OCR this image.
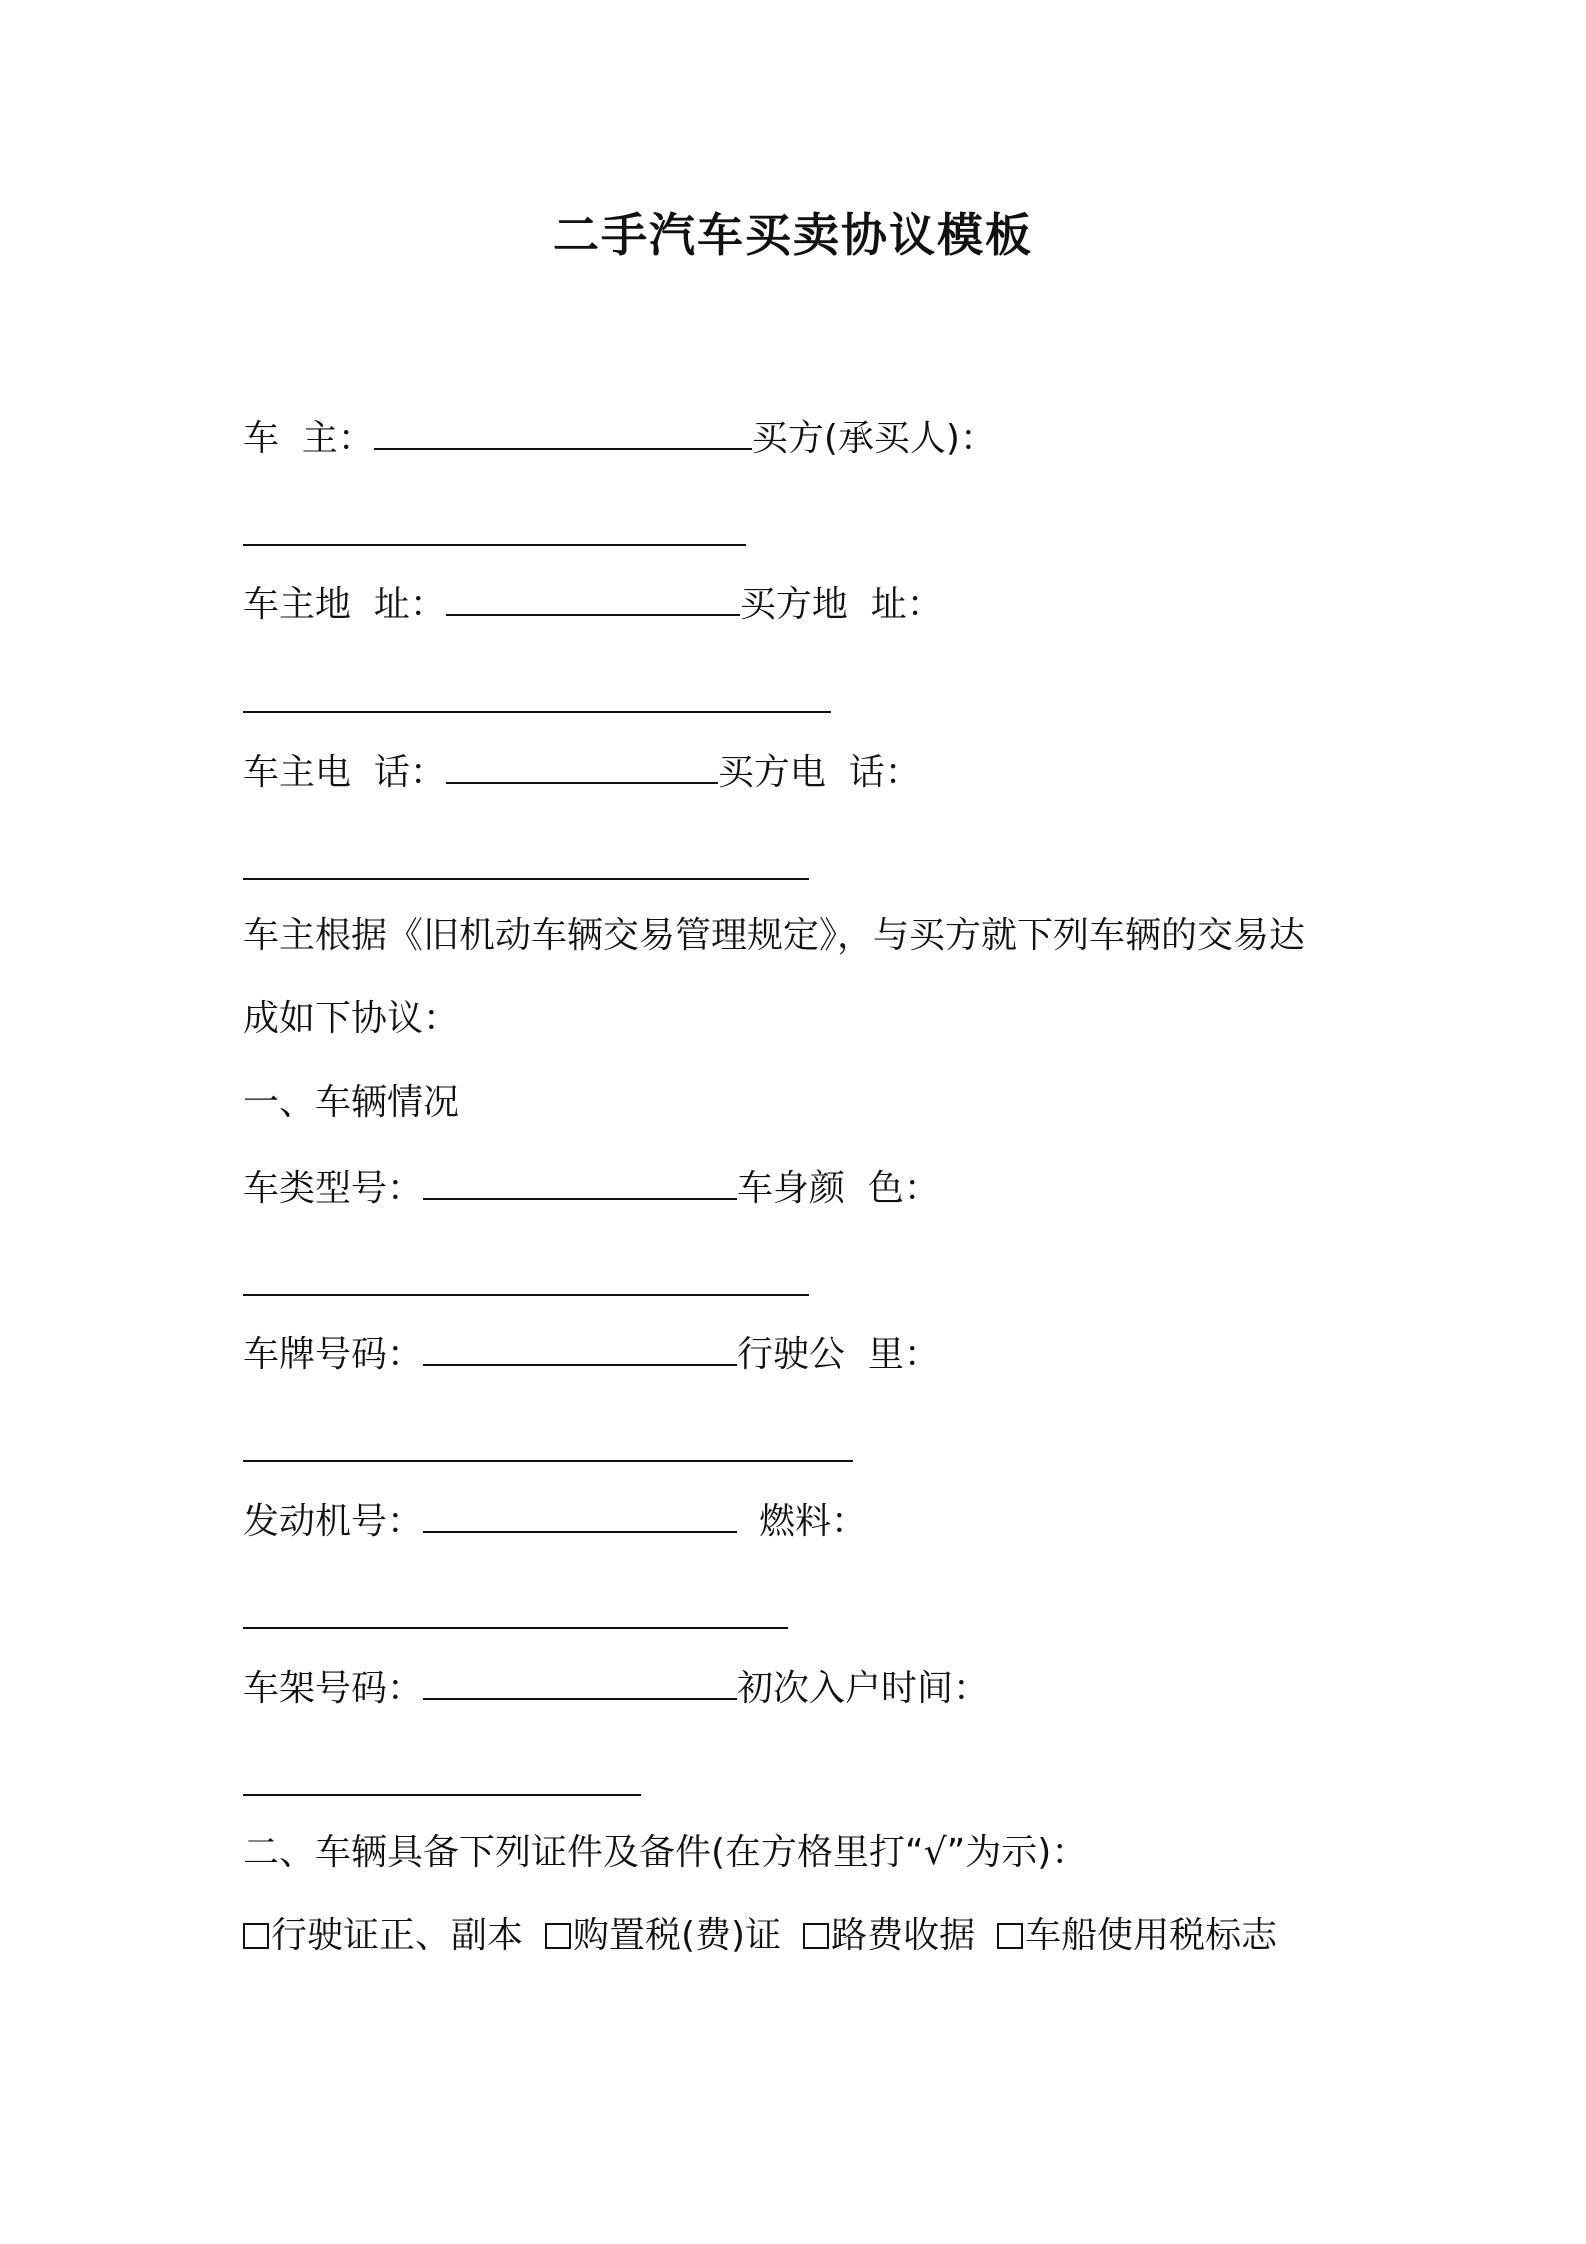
二手汽车买卖协议模板
车  主：	买方(承买人)：
车主地  址：	买方地  址：
车主电  话：	买方电  话：
车主根据《旧机动车辆交易管理规定》，与买方就下列车辆的交易达
成如下协议：
一、车辆情况
车类型号：	车身颜  色：
车牌号码：	行驶公  里：
发动机号：	燃料：
车架号码：	初次入户时间：
二、车辆具备下列证件及备件(在方格里打“√”为示)：
行驶证正、副本 购置税(费)证 路费收据 车船使用税标志
